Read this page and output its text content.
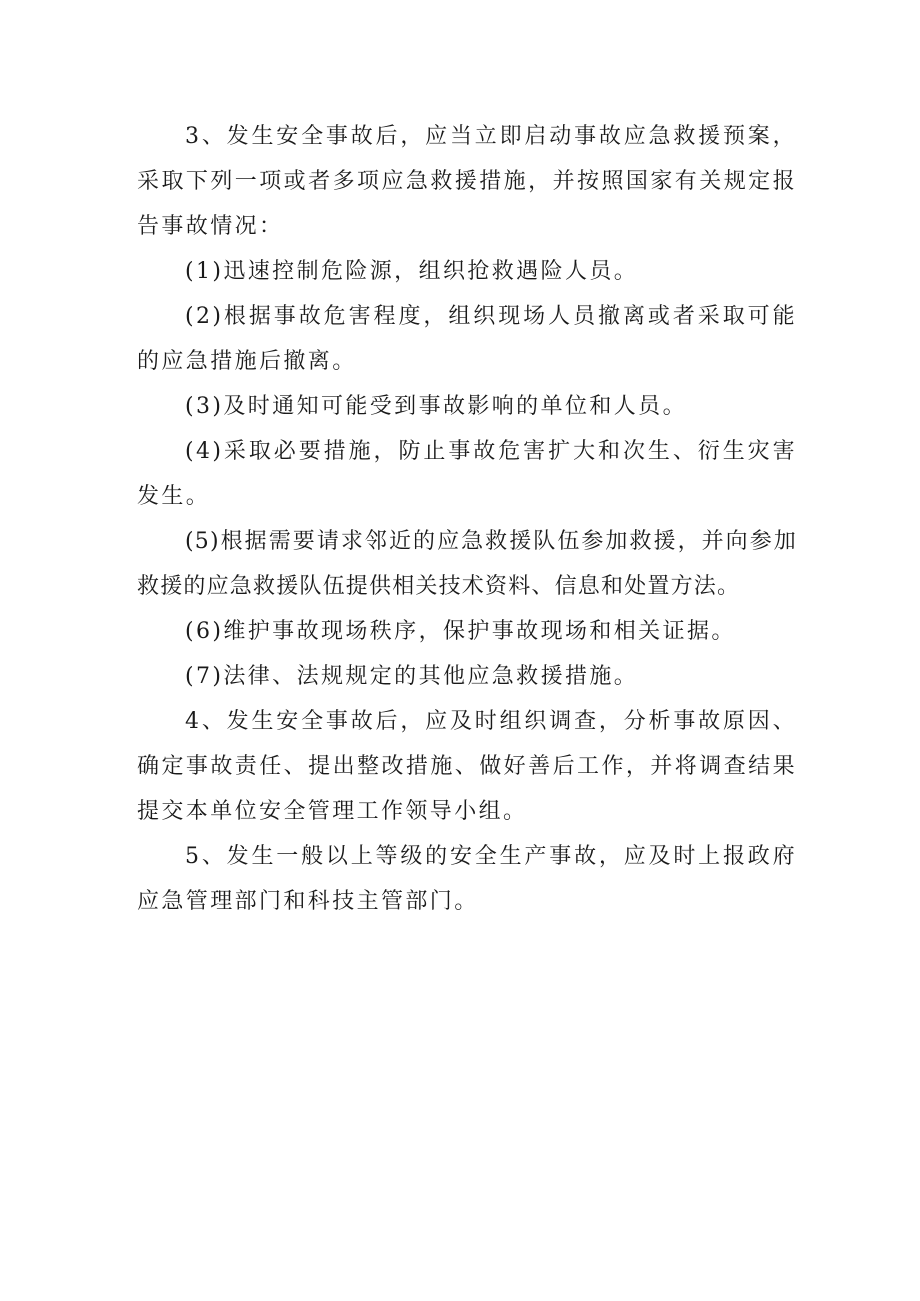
3、发生安全事故后，应当立即启动事故应急救援预案，采取下列一项或者多项应急救援措施，并按照国家有关规定报告事故情况：

(1)迅速控制危险源，组织抢救遇险人员。

(2)根据事故危害程度，组织现场人员撤离或者采取可能的应急措施后撤离。

(3)及时通知可能受到事故影响的单位和人员。

(4)采取必要措施，防止事故危害扩大和次生、衍生灾害发生。

(5)根据需要请求邻近的应急救援队伍参加救援，并向参加救援的应急救援队伍提供相关技术资料、信息和处置方法。

(6)维护事故现场秩序，保护事故现场和相关证据。

(7)法律、法规规定的其他应急救援措施。

4、发生安全事故后，应及时组织调查，分析事故原因、确定事故责任、提出整改措施、做好善后工作，并将调查结果提交本单位安全管理工作领导小组。

5、发生一般以上等级的安全生产事故，应及时上报政府应急管理部门和科技主管部门。
